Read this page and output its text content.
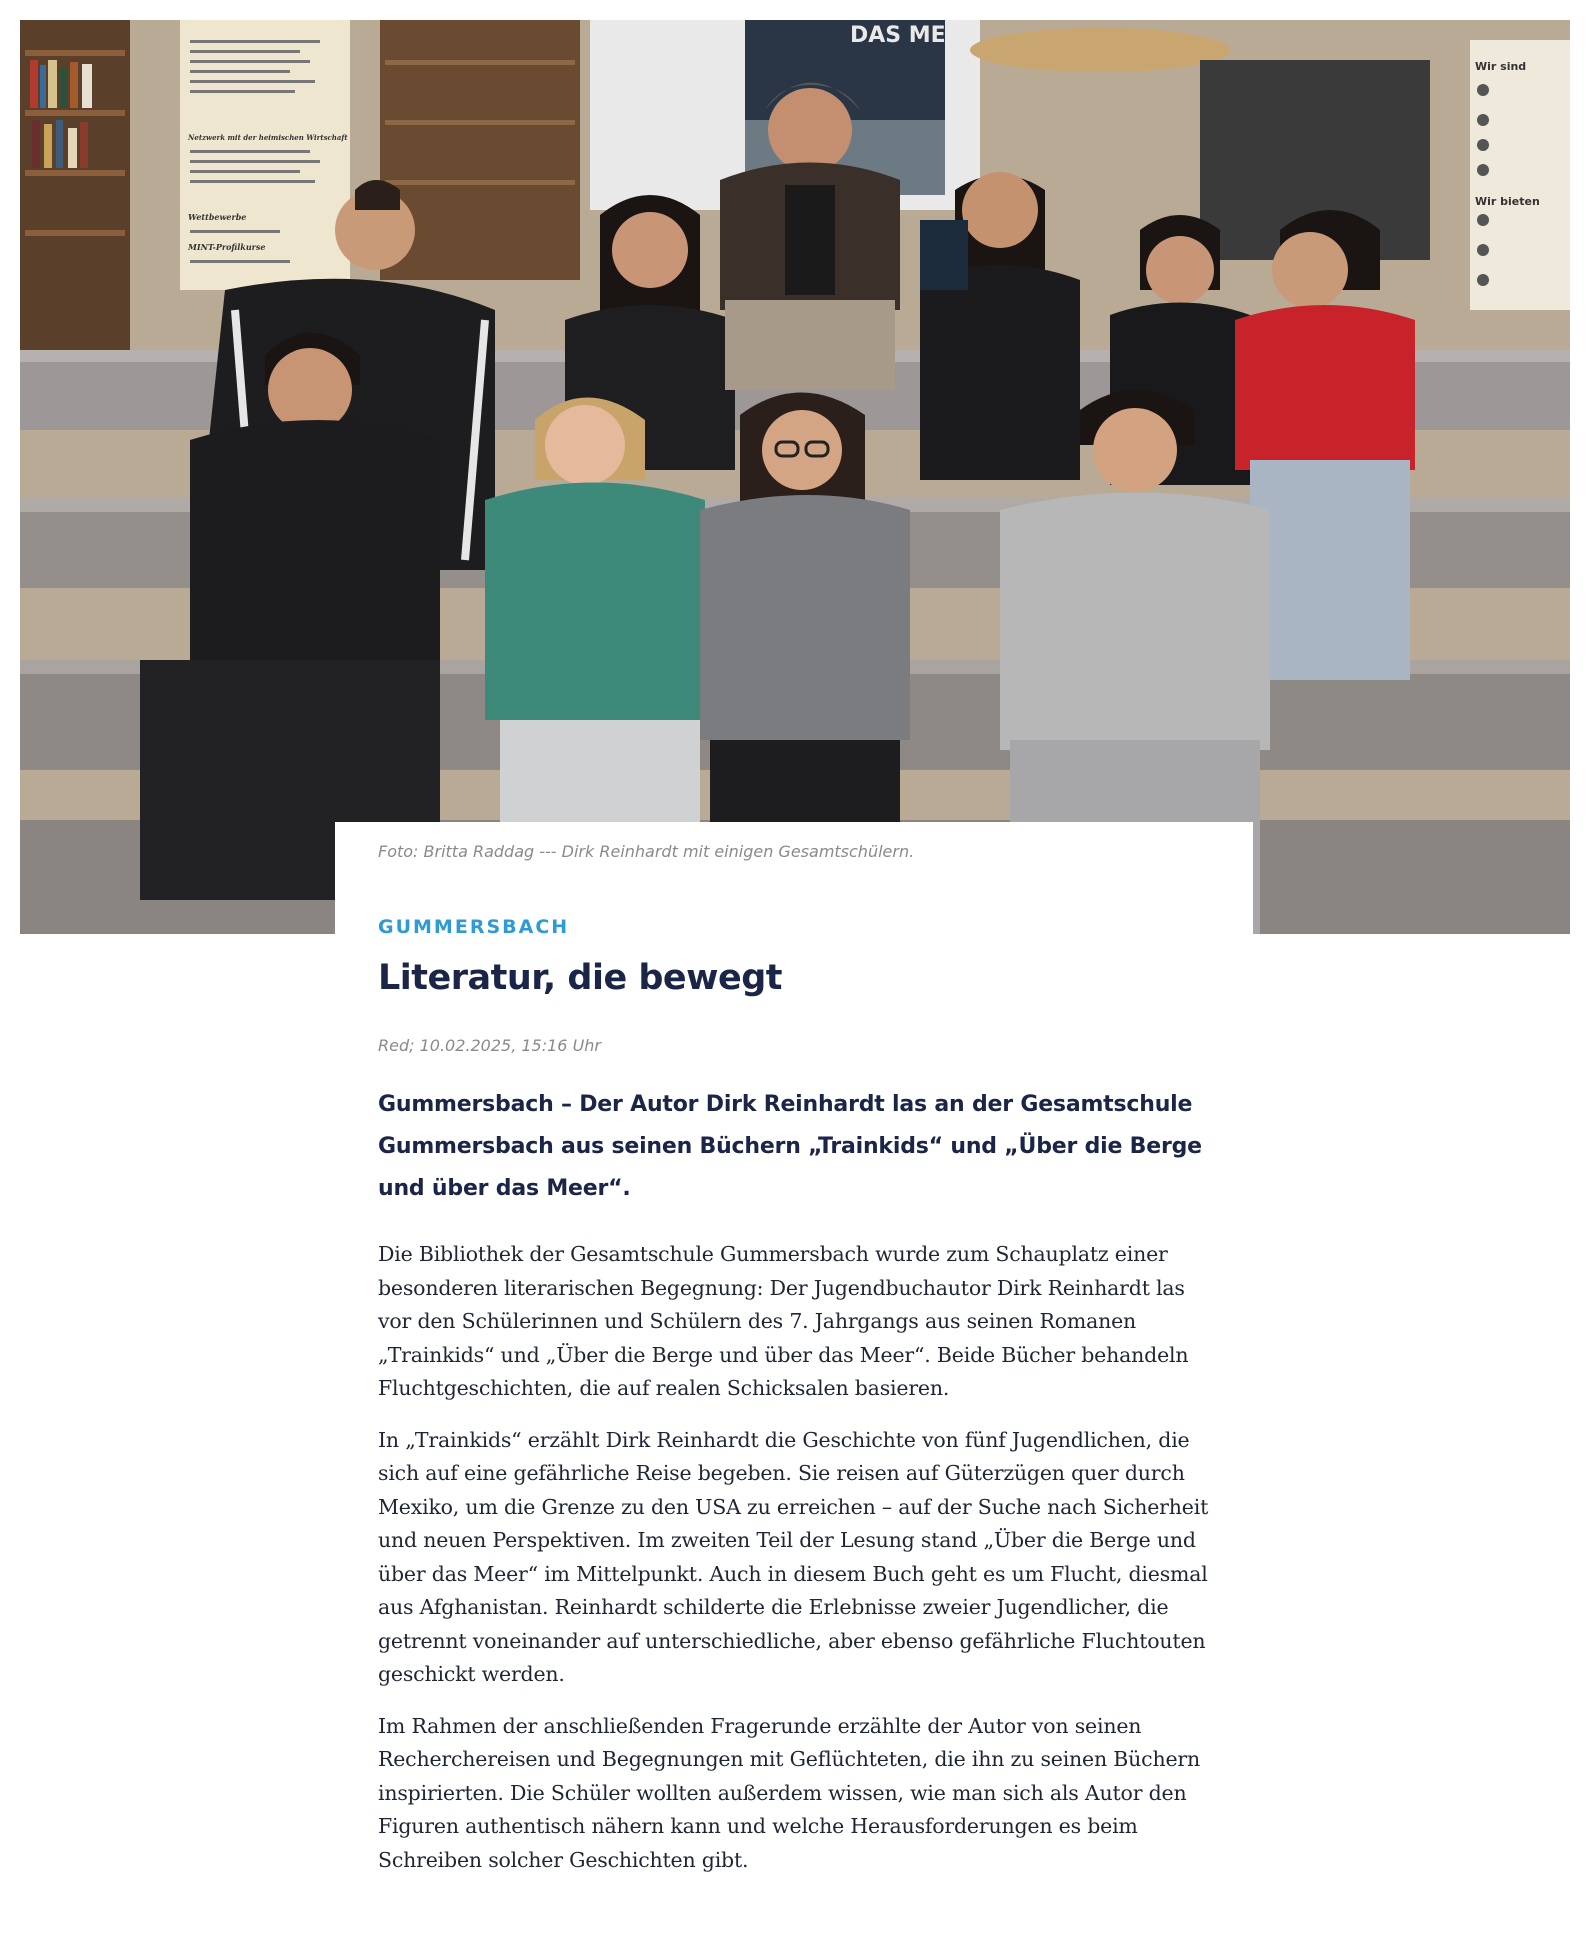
Netzwerk mit der heimischen Wirtschaft
Wettbewerbe
MINT-Profilkurse
DAS MEER
Wir sind
Wir bieten
Foto: Britta Raddag --- Dirk Reinhardt mit einigen Gesamtschülern.
GUMMERSBACH
Literatur, die bewegt
Red; 10.02.2025, 15:16 Uhr

Gummersbach – Der Autor Dirk Reinhardt las an der Gesamtschule Gummersbach aus seinen Büchern „Trainkids“ und „Über die Berge und über das Meer“.

Die Bibliothek der Gesamtschule Gummersbach wurde zum Schauplatz einer besonderen literarischen Begegnung: Der Jugendbuchautor Dirk Reinhardt las vor den Schülerinnen und Schülern des 7. Jahrgangs aus seinen Romanen „Trainkids“ und „Über die Berge und über das Meer“. Beide Bücher behandeln Fluchtgeschichten, die auf realen Schicksalen basieren.

In „Trainkids“ erzählt Dirk Reinhardt die Geschichte von fünf Jugendlichen, die sich auf eine gefährliche Reise begeben. Sie reisen auf Güterzügen quer durch Mexiko, um die Grenze zu den USA zu erreichen – auf der Suche nach Sicherheit und neuen Perspektiven. Im zweiten Teil der Lesung stand „Über die Berge und über das Meer“ im Mittelpunkt. Auch in diesem Buch geht es um Flucht, diesmal aus Afghanistan. Reinhardt schilderte die Erlebnisse zweier Jugendlicher, die getrennt voneinander auf unterschiedliche, aber ebenso gefährliche Fluchtouten geschickt werden.

Im Rahmen der anschließenden Fragerunde erzählte der Autor von seinen Recherchereisen und Begegnungen mit Geflüchteten, die ihn zu seinen Büchern inspirierten. Die Schüler wollten außerdem wissen, wie man sich als Autor den Figuren authentisch nähern kann und welche Herausforderungen es beim Schreiben solcher Geschichten gibt.
